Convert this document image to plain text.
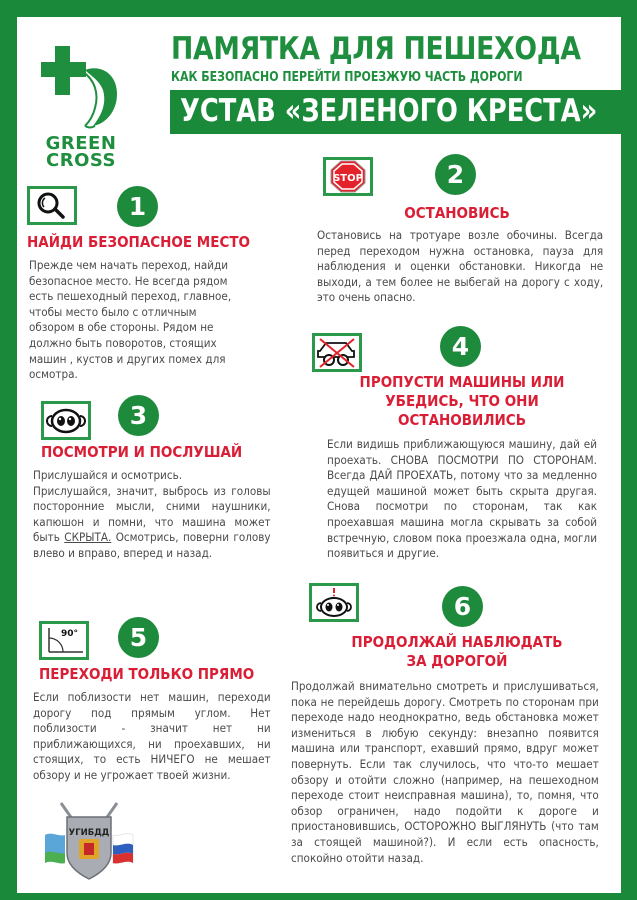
GREEN
CROSS
ПАМЯТКА ДЛЯ ПЕШЕХОДА
КАК БЕЗОПАСНО ПЕРЕЙТИ ПРОЕЗЖУЮ ЧАСТЬ ДОРОГИ
УСТАВ «ЗЕЛЕНОГО КРЕСТА»
1
НАЙДИ БЕЗОПАСНОЕ МЕСТО
Прежде чем начать переход, найди
безопасное место. Не всегда рядом
есть пешеходный переход, главное,
чтобы место было с отличным
обзором в обе стороны. Рядом не
должно быть поворотов, стоящих
машин , кустов и других помех для
осмотра.
STOP	2
ОСТАНОВИСЬ
Остановись на тротуаре возле обочины. Всегда перед переходом нужна остановка, пауза для наблюдения и оценки обстановки. Никогда не выходи, а тем более не выбегай на дорогу с ходу, это очень опасно.
3
ПОСМОТРИ И ПОСЛУШАЙ
Прислушайся и осмотрись.
Прислушайся, значит, выбрось из головы посторонние мысли, сними наушники, капюшон и помни, что машина может быть СКРЫТА. Осмотрись, поверни голову влево и вправо, вперед и назад.
4
ПРОПУСТИ МАШИНЫ ИЛИ
УБЕДИСЬ, ЧТО ОНИ
ОСТАНОВИЛИСЬ
Если видишь приближающуюся машину, дай ей проехать. СНОВА ПОСМОТРИ ПО СТОРОНАМ. Всегда ДАЙ ПРОЕХАТЬ, потому что за медленно едущей машиной может быть скрыта другая. Снова посмотри по сторонам, так как проехавшая машина могла скрывать за собой встречную, словом пока проезжала одна, могли появиться и другие.
90°	5
ПЕРЕХОДИ ТОЛЬКО ПРЯМО
Если поблизости нет машин, переходи дорогу под прямым углом. Нет поблизости - значит нет ни приближающихся, ни проехавших, ни стоящих, то есть НИЧЕГО не мешает обзору и не угрожает твоей жизни.
6
ПРОДОЛЖАЙ НАБЛЮДАТЬ
ЗА ДОРОГОЙ
Продолжай внимательно смотреть и прислушиваться, пока не перейдешь дорогу. Смотреть по сторонам при переходе надо неоднократно, ведь обстановка может измениться в любую секунду: внезапно появится машина или транспорт, ехавший прямо, вдруг может повернуть. Если так случилось, что что-то мешает обзору и отойти сложно (например, на пешеходном переходе стоит неисправная машина), то, помня, что обзор ограничен, надо подойти к дороге и приостановившись, ОСТОРОЖНО ВЫГЛЯНУТЬ (что там за стоящей машиной?). И если есть опасность, спокойно отойти назад.
УГИБДД
